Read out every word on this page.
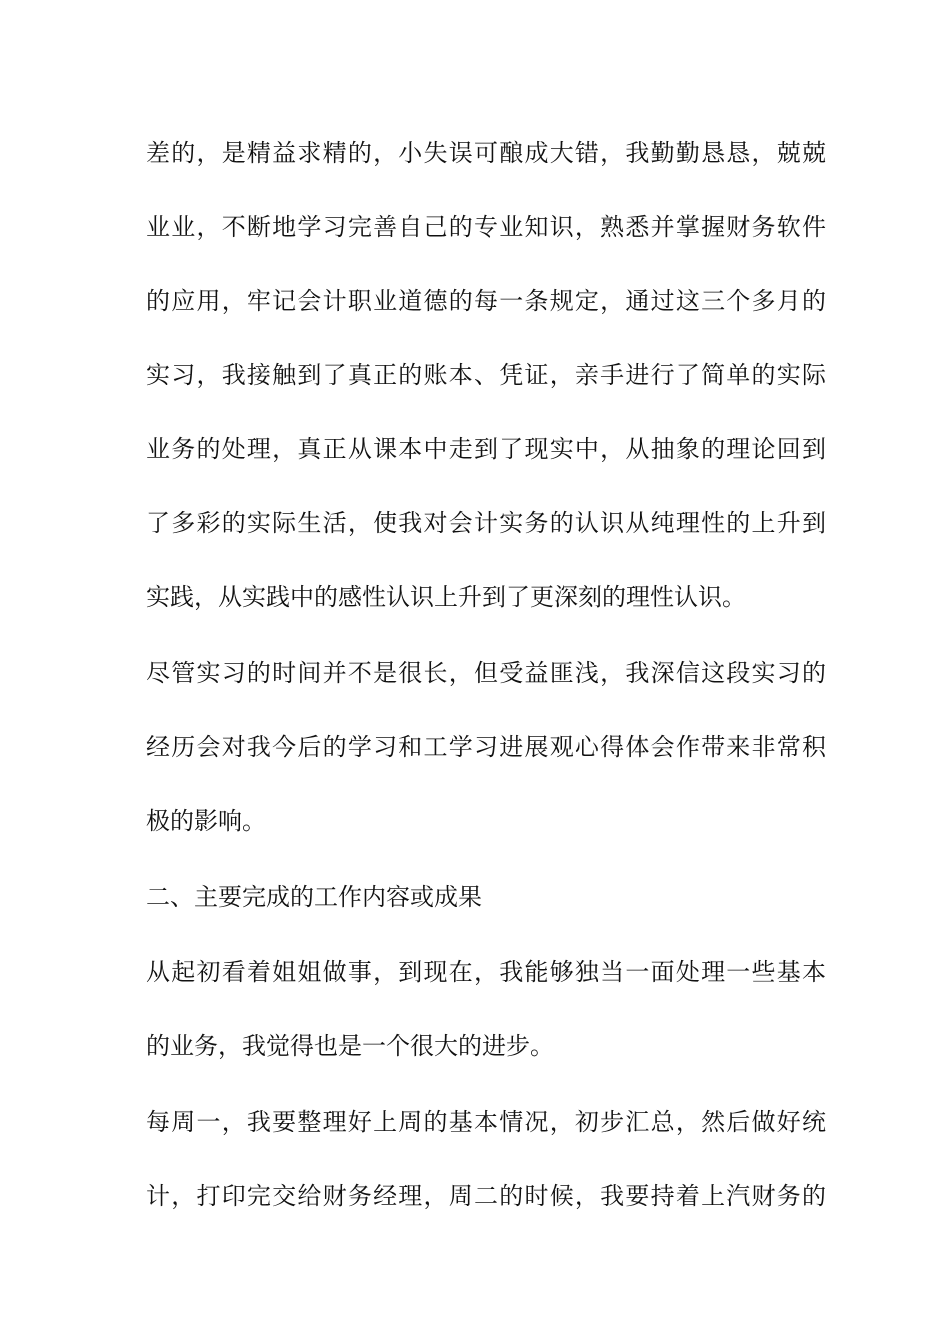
差的，是精益求精的，小失误可酿成大错，我勤勤恳恳，兢兢
业业，不断地学习完善自己的专业知识，熟悉并掌握财务软件
的应用，牢记会计职业道德的每一条规定，通过这三个多月的
实习，我接触到了真正的账本、凭证，亲手进行了简单的实际
业务的处理，真正从课本中走到了现实中，从抽象的理论回到
了多彩的实际生活，使我对会计实务的认识从纯理性的上升到
实践，从实践中的感性认识上升到了更深刻的理性认识。
尽管实习的时间并不是很长，但受益匪浅，我深信这段实习的
经历会对我今后的学习和工学习进展观心得体会作带来非常积
极的影响。
二、主要完成的工作内容或成果
从起初看着姐姐做事，到现在，我能够独当一面处理一些基本
的业务，我觉得也是一个很大的进步。
每周一，我要整理好上周的基本情况，初步汇总，然后做好统
计，打印完交给财务经理，周二的时候，我要持着上汽财务的
